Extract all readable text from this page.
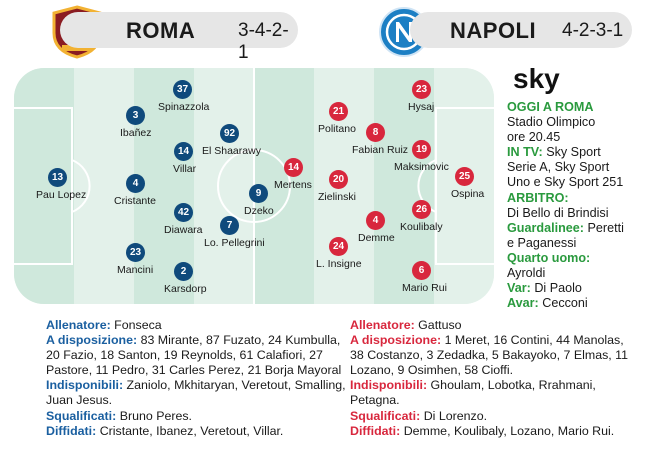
ROMA 3-4-2-1
NAPOLI 4-2-3-1
13
Pau Lopez
3
Ibañez
4
Cristante
23
Mancini
37
Spinazzola
14
Villar
42
Diawara
2
Karsdorp
92
El Shaarawy
7
Lo. Pellegrini
9
Dzeko
14
Mertens
21
Politano
20
Zielinski
24
L. Insigne
8
Fabian Ruiz
4
Demme
23
Hysaj
19
Maksimovic
26
Koulibaly
6
Mario Rui
25
Ospina
sky
OGGI A ROMA
Stadio Olimpico
ore 20.45
IN TV: Sky Sport
Serie A, Sky Sport
Uno e Sky Sport 251
ARBITRO:
Di Bello di Brindisi
Guardalinee: Peretti
e Paganessi
Quarto uomo:
Ayroldi
Var: Di Paolo
Avar: Cecconi
Allenatore: Fonseca
A disposizione: 83 Mirante, 87 Fuzato, 24 Kumbulla, 20 Fazio, 18 Santon, 19 Reynolds, 61 Calafiori, 27 Pastore, 11 Pedro, 31 Carles Perez, 21 Borja Mayoral
Indisponibili: Zaniolo, Mkhitaryan, Veretout, Smalling, Juan Jesus.
Squalificati: Bruno Peres.
Diffidati: Cristante, Ibanez, Veretout, Villar.
Allenatore: Gattuso
A disposizione: 1 Meret, 16 Contini, 44 Manolas, 38 Costanzo, 3 Zedadka, 5 Bakayoko, 7 Elmas, 11 Lozano, 9 Osimhen, 58 Cioffi.
Indisponibili: Ghoulam, Lobotka, Rrahmani, Petagna.
Squalificati: Di Lorenzo.
Diffidati: Demme, Koulibaly, Lozano, Mario Rui.
